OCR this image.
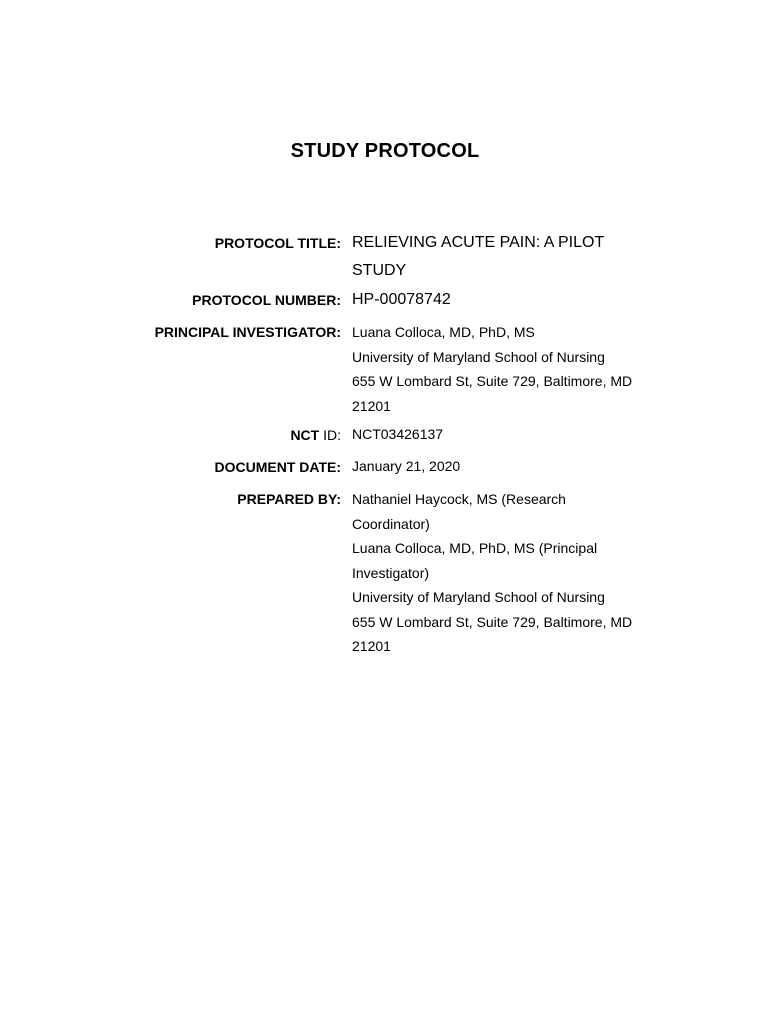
STUDY PROTOCOL
PROTOCOL TITLE: RELIEVING ACUTE PAIN: A PILOT
STUDY
PROTOCOL NUMBER: HP-00078742
PRINCIPAL INVESTIGATOR: Luana Colloca, MD, PhD, MS
University of Maryland School of Nursing
655 W Lombard St, Suite 729, Baltimore, MD
21201
NCT ID: NCT03426137
DOCUMENT DATE: January 21, 2020
PREPARED BY: Nathaniel Haycock, MS (Research
Coordinator)
Luana Colloca, MD, PhD, MS (Principal
Investigator)
University of Maryland School of Nursing
655 W Lombard St, Suite 729, Baltimore, MD
21201
